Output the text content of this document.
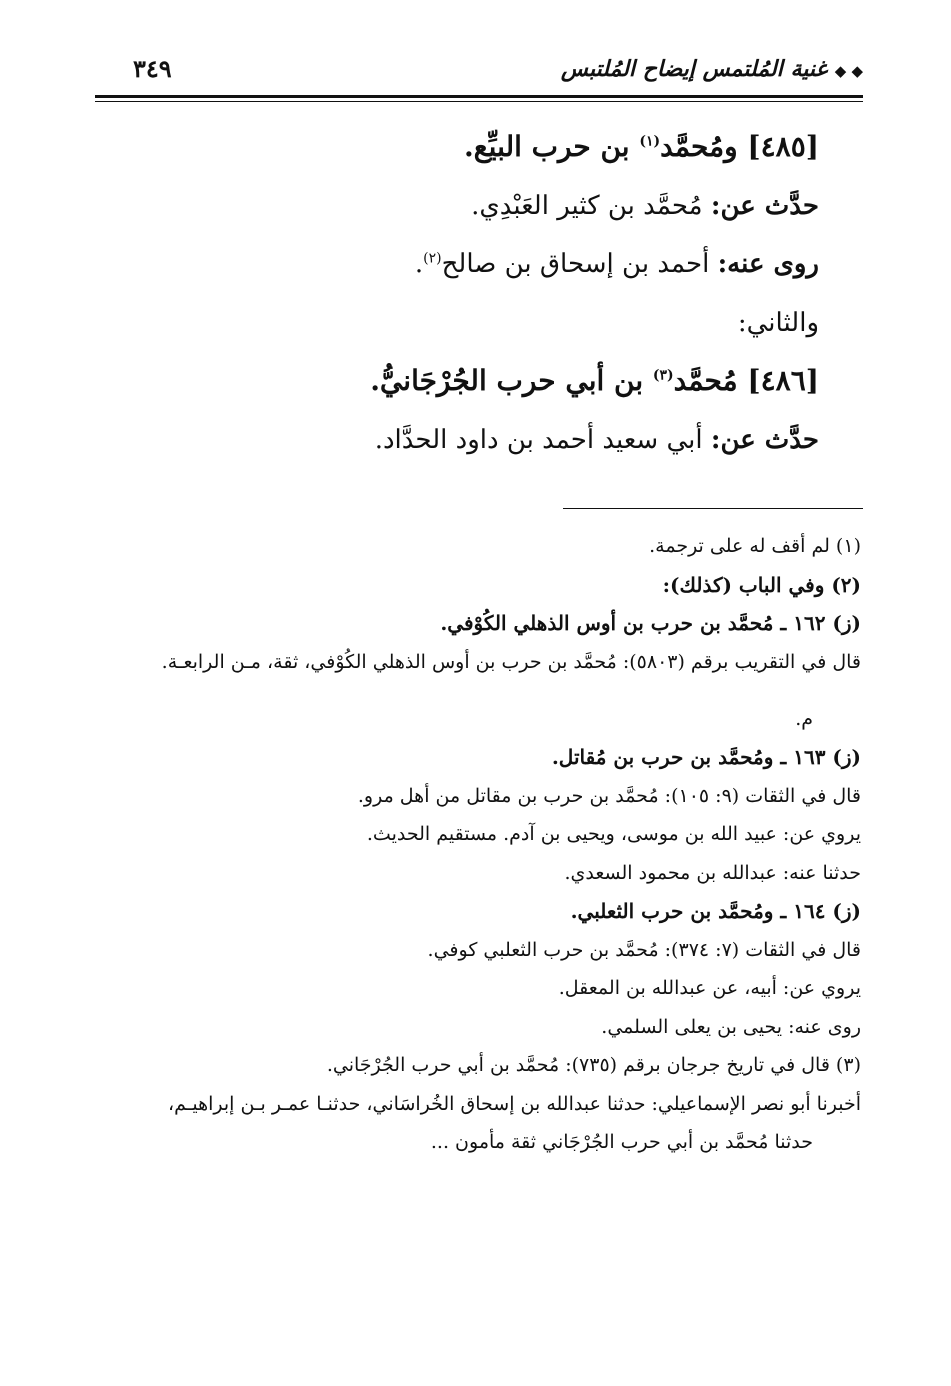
◆ ◆ غنية المُلتمس إيضاح المُلتبس
٣٤٩
[٤٨٥] ومُحمَّد$^{(١)}$ بن حرب البيِّع.
حدَّث عن: مُحمَّد بن كثير العَبْدِي.
روى عنه: أحمد بن إسحاق بن صالح$^{(٢)}$.
والثاني:
[٤٨٦] مُحمَّد$^{(٣)}$ بن أبي حرب الجُرْجَانيُّ.
حدَّث عن: أبي سعيد أحمد بن داود الحدَّاد.
(١) لم أقف له على ترجمة.
(٢) وفي الباب (كذلك):
(ز) ١٦٢ ـ مُحمَّد بن حرب بن أوس الذهلي الكُوْفي.
قال في التقريب برقم (٥٨٠٣): مُحمَّد بن حرب بن أوس الذهلي الكُوْفي، ثقة، مـن الرابعـة.
م.
(ز) ١٦٣ ـ ومُحمَّد بن حرب بن مُقاتل.
قال في الثقات (٩: ١٠٥): مُحمَّد بن حرب بن مقاتل من أهل مرو.
يروي عن: عبيد الله بن موسى، ويحيى بن آدم. مستقيم الحديث.
حدثنا عنه: عبدالله بن محمود السعدي.
(ز) ١٦٤ ـ ومُحمَّد بن حرب الثعلبي.
قال في الثقات (٧: ٣٧٤): مُحمَّد بن حرب الثعلبي كوفي.
يروي عن: أبيه، عن عبدالله بن المعقل.
روى عنه: يحيى بن يعلى السلمي.
(٣) قال في تاريخ جرجان برقم (٧٣٥): مُحمَّد بن أبي حرب الجُرْجَاني.
أخبرنا أبو نصر الإسماعيلي: حدثنا عبدالله بن إسحاق الخُراسَاني، حدثنـا عمـر بـن إبراهيـم،
حدثنا مُحمَّد بن أبي حرب الجُرْجَاني ثقة مأمون ...
